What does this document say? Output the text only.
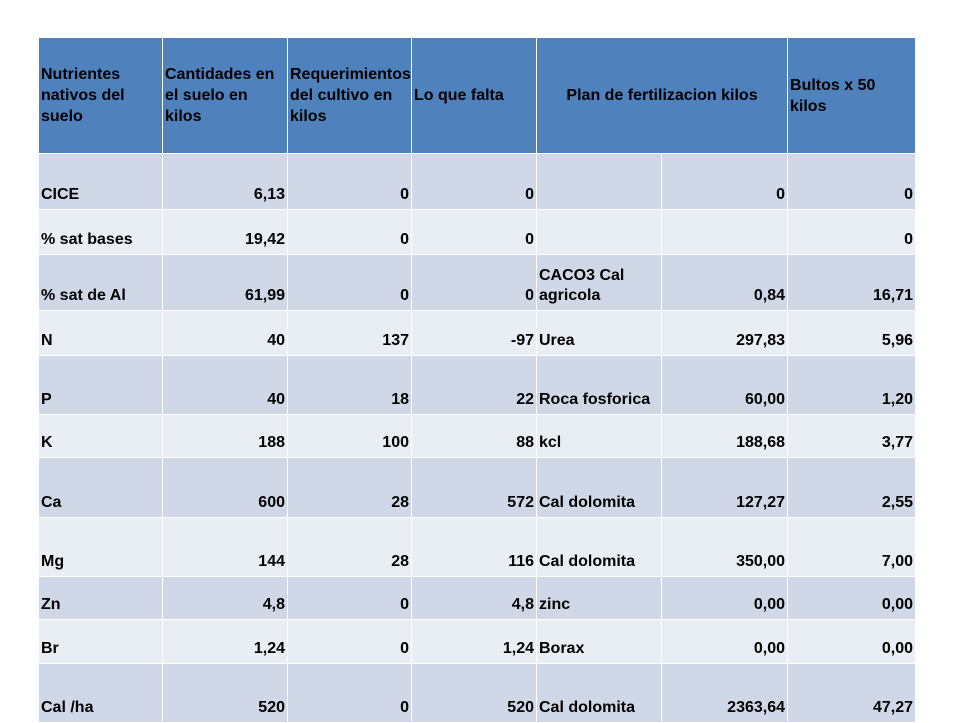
Nutrientes nativos del suelo	Cantidades en el suelo en kilos	Requerimientos del cultivo en kilos	Lo que falta	Plan de fertilizacion kilos		Bultos x 50 kilos

CICE	6,13	0	0		0	0

% sat bases	19,42	0	0			0

% sat de Al	61,99	0	0	CACO3 Cal agricola	0,84	16,71

N	40	137	-97	Urea	297,83	5,96

P	40	18	22	Roca fosforica	60,00	1,20

K	188	100	88	kcl	188,68	3,77

Ca	600	28	572	Cal dolomita	127,27	2,55

Mg	144	28	116	Cal dolomita	350,00	7,00

Zn	4,8	0	4,8	zinc	0,00	0,00

Br	1,24	0	1,24	Borax	0,00	0,00

Cal /ha	520	0	520	Cal dolomita	2363,64	47,27
